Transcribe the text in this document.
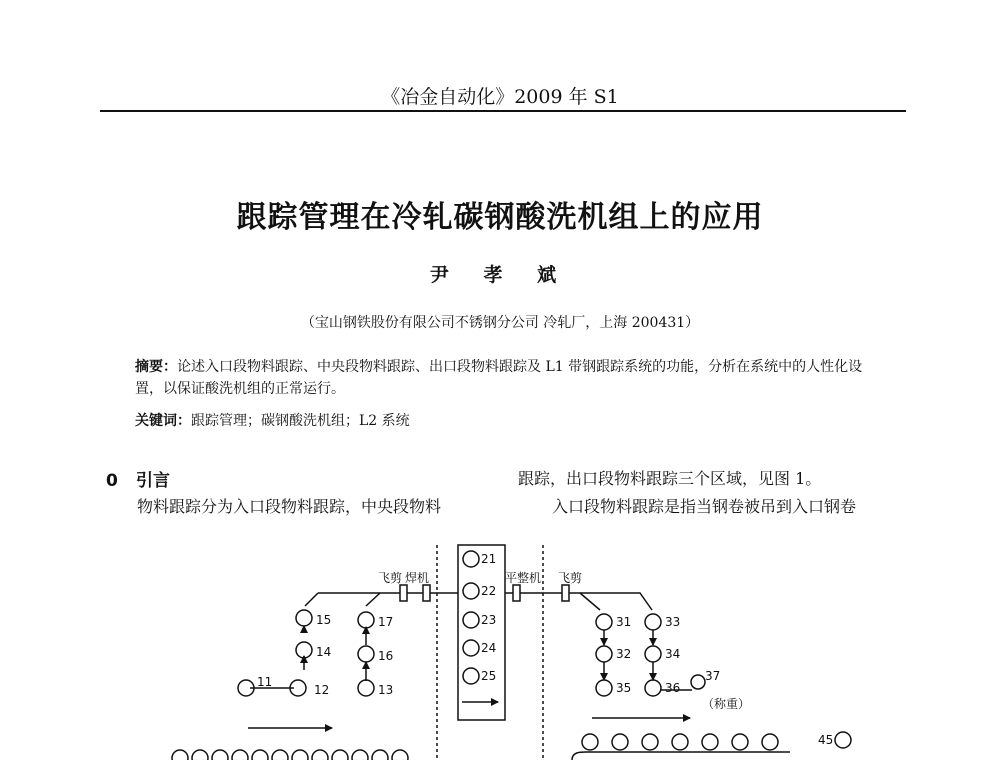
《冶金自动化》2009 年 S1
跟踪管理在冷轧碳钢酸洗机组上的应用
尹 孝 斌
（宝山钢铁股份有限公司不锈钢分公司 冷轧厂，上海 200431）
摘要：论述入口段物料跟踪、中央段物料跟踪、出口段物料跟踪及 L1 带钢跟踪系统的功能，分析在系统中的人性化设置，以保证酸洗机组的正常运行。
关键词：跟踪管理；碳钢酸洗机组；L2 系统
0 引言
物料跟踪分为入口段物料跟踪，中央段物料
跟踪，出口段物料跟踪三个区域，见图 1。
入口段物料跟踪是指当钢卷被吊到入口钢卷
飞剪 焊机	平整机 飞剪
（称重）
11
12	13
14
15
16
17
21
22
23
24
25
31
32
33
34
35	36
37
45
